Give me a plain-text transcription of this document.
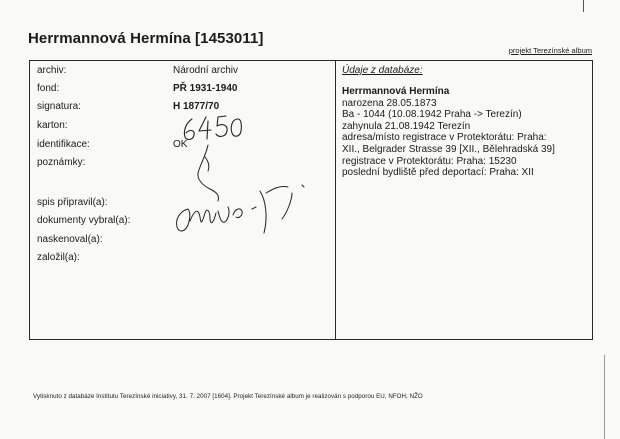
Herrmannová Hermína [1453011]
projekt Terezínské album
archiv:	Národní archiv
fond:	PŘ 1931-1940
signatura:	H 1877/70
karton:
identifikace:	OK
poznámky:
spis připravil(a):
dokumenty vybral(a):
naskenoval(a):
založil(a):
Údaje z databáze:
Herrmannová Hermína
narozena 28.05.1873
Ba - 1044 (10.08.1942 Praha -> Terezín)
zahynula 21.08.1942 Terezín
adresa/místo registrace v Protektorátu: Praha:
XII., Belgrader Strasse 39 [XII., Bělehradská 39]
registrace v Protektorátu: Praha: 15230
poslední bydliště před deportací: Praha: XII
Vytisknuto z databáze Institutu Terezínské iniciativy, 31. 7. 2007 [1604]. Projekt Terezínské album je realizován s podporou EU, NFOH, NŽO
